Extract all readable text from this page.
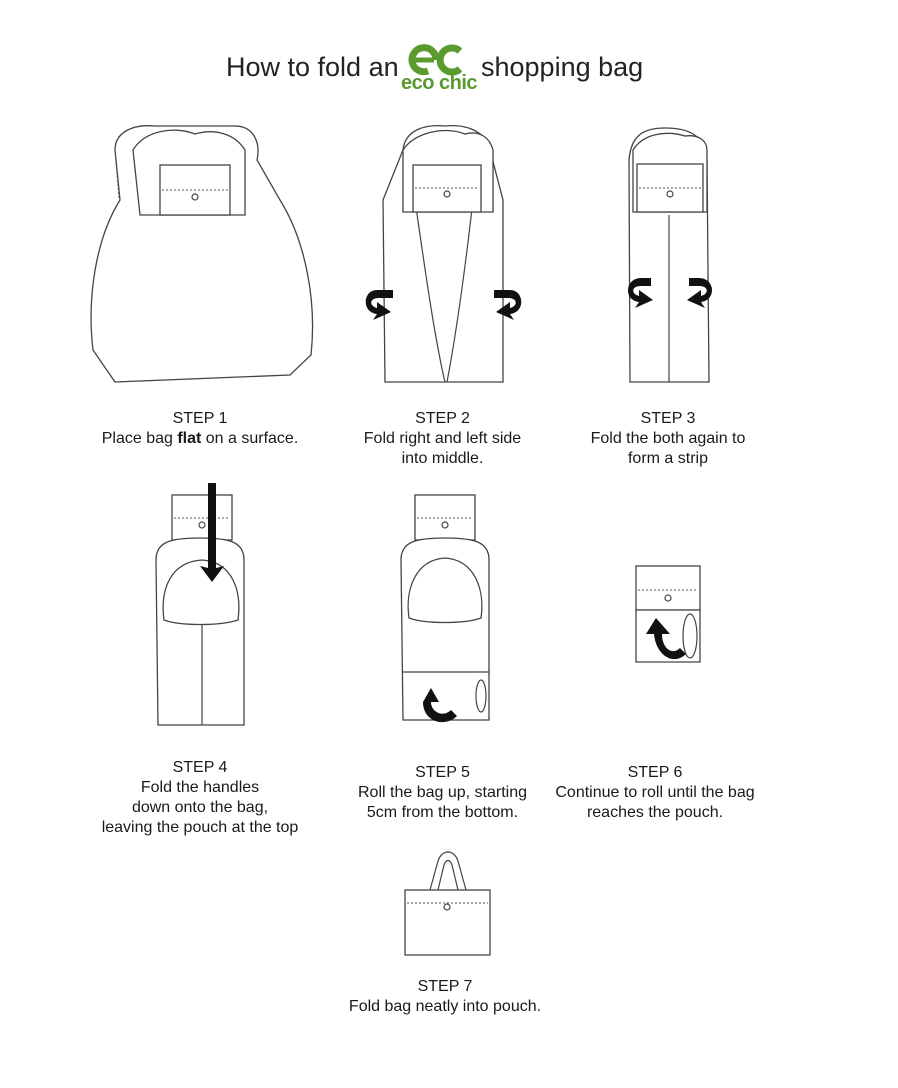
How to fold an
eco chic
shopping bag
STEP 1
Place bag flat on a surface.
STEP 2
Fold right and left side
into middle.
STEP 3
Fold the both again to
form a strip
STEP 4
Fold the handles
down onto the bag,
leaving the pouch at the top
STEP 5
Roll the bag up, starting
5cm from the bottom.
STEP 6
Continue to roll until the bag
reaches the pouch.
STEP 7
Fold bag neatly into pouch.
